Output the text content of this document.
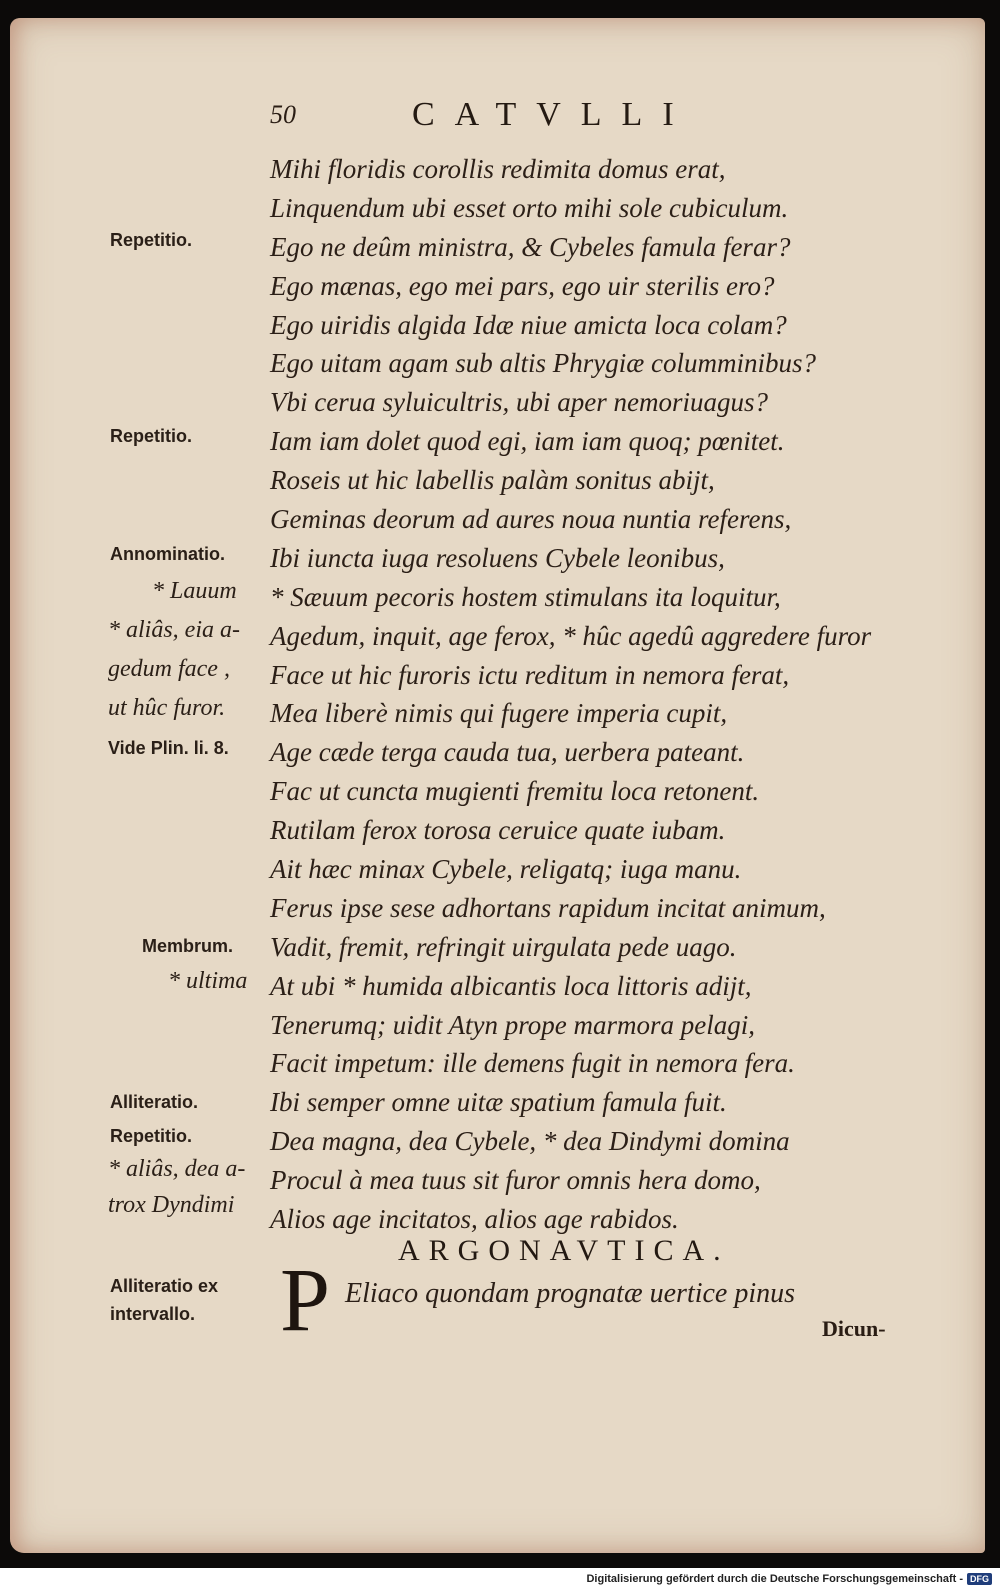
50	CATVLLI
Mihi floridis corollis redimita domus erat,
Linquendum ubi esset orto mihi sole cubiculum.
Ego ne deûm ministra, & Cybeles famula ferar?
Ego mænas, ego mei pars, ego uir sterilis ero?
Ego uiridis algida Idæ niue amicta loca colam?
Ego uitam agam sub altis Phrygiæ columminibus?
Vbi cerua syluicultris, ubi aper nemoriuagus?
Iam iam dolet quod egi, iam iam quoq; pœnitet.
Roseis ut hic labellis palàm sonitus abijt,
Geminas deorum ad aures noua nuntia referens,
Ibi iuncta iuga resoluens Cybele leonibus,
* Sæuum pecoris hostem stimulans ita loquitur,
Agedum, inquit, age ferox, * hûc agedû aggredere furor
Face ut hic furoris ictu reditum in nemora ferat,
Mea liberè nimis qui fugere imperia cupit,
Age cæde terga cauda tua, uerbera pateant.
Fac ut cuncta mugienti fremitu loca retonent.
Rutilam ferox torosa ceruice quate iubam.
Ait hæc minax Cybele, religatq; iuga manu.
Ferus ipse sese adhortans rapidum incitat animum,
Vadit, fremit, refringit uirgulata pede uago.
At ubi * humida albicantis loca littoris adijt,
Tenerumq; uidit Atyn prope marmora pelagi,
Facit impetum: ille demens fugit in nemora fera.
Ibi semper omne uitæ spatium famula fuit.
Dea magna, dea Cybele, * dea Dindymi domina
Procul à mea tuus sit furor omnis hera domo,
Alios age incitatos, alios age rabidos.
Repetitio.
Repetitio.
Annominatio.
* Lauum
* aliâs, eia a-
gedum face ,
ut hûc furor.
Vide Plin. li. 8.
Membrum.
* ultima
Alliteratio.
Repetitio.
* aliâs, dea a-
trox Dyndimi
Alliteratio ex
intervallo.
ARGONAVTICA.
P Eliaco quondam prognatæ uertice pinus
Dicun-
Digitalisierung gefördert durch die Deutsche Forschungsgemeinschaft - DFG
